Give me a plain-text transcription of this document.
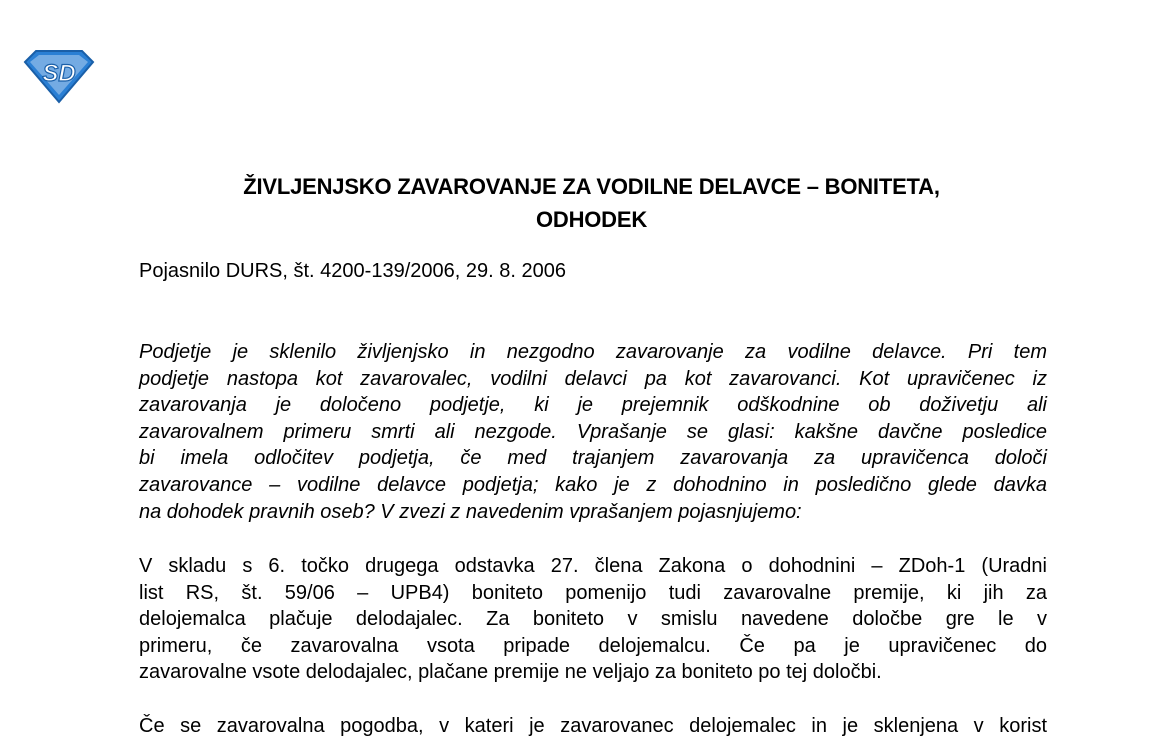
SD
ŽIVLJENJSKO ZAVAROVANJE ZA VODILNE DELAVCE – BONITETA,
ODHODEK

Pojasnilo DURS, št. 4200-139/2006, 29. 8. 2006

Podjetje je sklenilo življenjsko in nezgodno zavarovanje za vodilne delavce. Pri tem
podjetje nastopa kot zavarovalec, vodilni delavci pa kot zavarovanci. Kot upravičenec iz
zavarovanja je določeno podjetje, ki je prejemnik odškodnine ob doživetju ali
zavarovalnem primeru smrti ali nezgode. Vprašanje se glasi: kakšne davčne posledice
bi imela odločitev podjetja, če med trajanjem zavarovanja za upravičenca določi
zavarovance – vodilne delavce podjetja; kako je z dohodnino in posledično glede davka
na dohodek pravnih oseb? V zvezi z navedenim vprašanjem pojasnjujemo:
V skladu s 6. točko drugega odstavka 27. člena Zakona o dohodnini – ZDoh-1 (Uradni
list RS, št. 59/06 – UPB4) boniteto pomenijo tudi zavarovalne premije, ki jih za
delojemalca plačuje delodajalec. Za boniteto v smislu navedene določbe gre le v
primeru, če zavarovalna vsota pripade delojemalcu. Če pa je upravičenec do
zavarovalne vsote delodajalec, plačane premije ne veljajo za boniteto po tej določbi.
Če se zavarovalna pogodba, v kateri je zavarovanec delojemalec in je sklenjena v korist
